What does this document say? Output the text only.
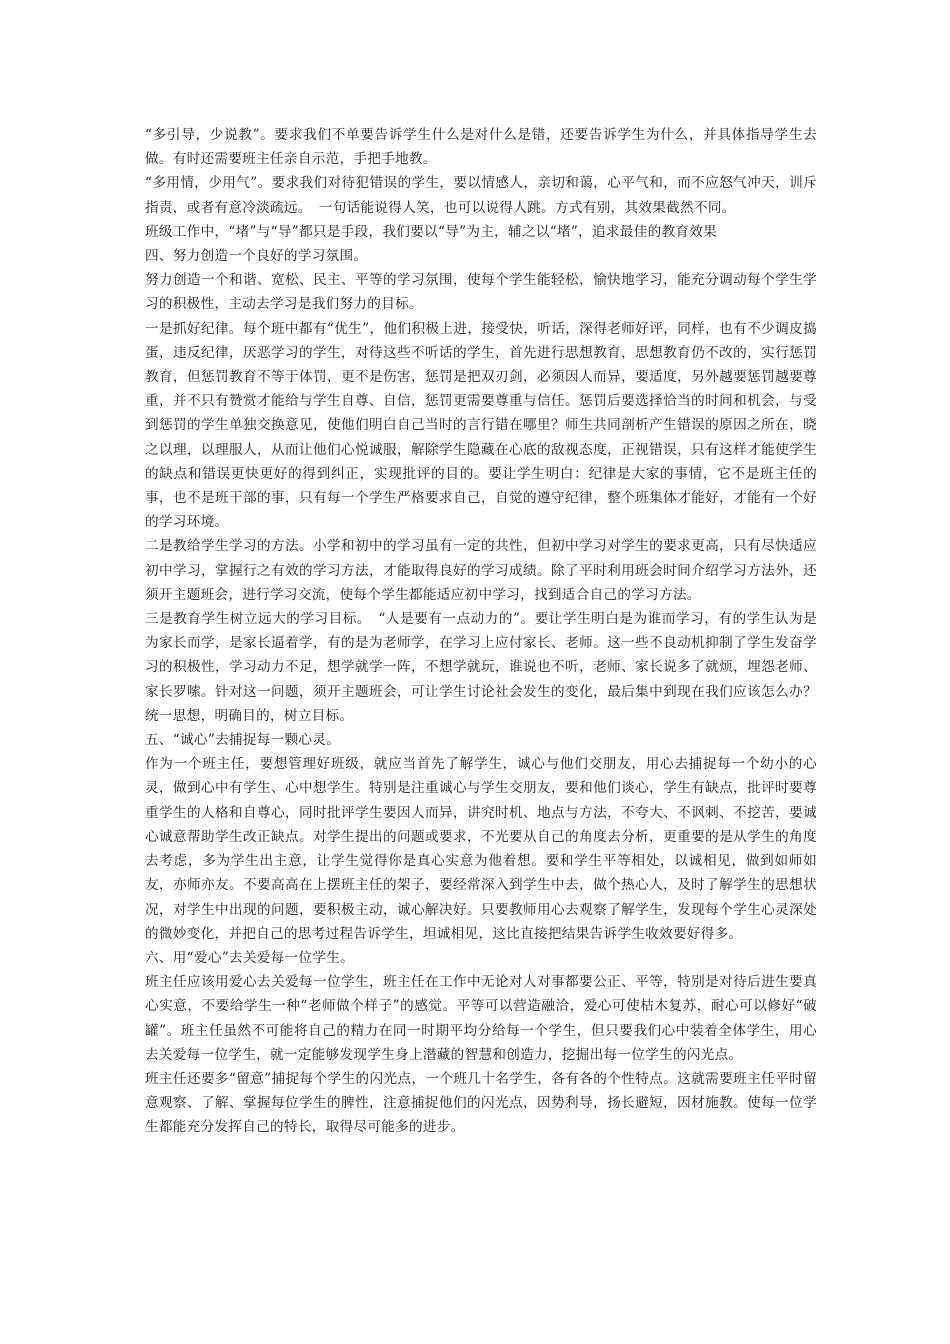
“多引导，少说教”。要求我们不单要告诉学生什么是对什么是错，还要告诉学生为什么，并具体指导学生去做。有时还需要班主任亲自示范，手把手地教。

“多用情，少用气”。要求我们对待犯错误的学生，要以情感人，亲切和蔼，心平气和，而不应怒气冲天，训斥指责，或者有意冷淡疏远。　一句话能说得人笑，也可以说得人跳。方式有别，其效果截然不同。

班级工作中，“堵”与“导”都只是手段，我们要以“导”为主，辅之以“堵”，追求最佳的教育效果

四、努力创造一个良好的学习氛围。

努力创造一个和谐、宽松、民主、平等的学习氛围，使每个学生能轻松，愉快地学习，能充分调动每个学生学习的积极性，主动去学习是我们努力的目标。

一是抓好纪律。每个班中都有“优生”，他们积极上进，接受快，听话，深得老师好评，同样，也有不少调皮捣蛋，违反纪律，厌恶学习的学生，对待这些不听话的学生，首先进行思想教育，思想教育仍不改的，实行惩罚教育，但惩罚教育不等于体罚，更不是伤害，惩罚是把双刃剑，必须因人而异，要适度，另外越要惩罚越要尊重，并不只有赞赏才能给与学生自尊、自信，惩罚更需要尊重与信任。惩罚后要选择恰当的时间和机会，与受到惩罚的学生单独交换意见，使他们明白自己当时的言行错在哪里？师生共同剖析产生错误的原因之所在，晓之以理，以理服人，从而让他们心悦诚服，解除学生隐藏在心底的敌视态度，正视错误，只有这样才能使学生的缺点和错误更快更好的得到纠正，实现批评的目的。要让学生明白：纪律是大家的事情，它不是班主任的事，也不是班干部的事，只有每一个学生严格要求自己，自觉的遵守纪律，整个班集体才能好，才能有一个好的学习环境。

二是教给学生学习的方法。小学和初中的学习虽有一定的共性，但初中学习对学生的要求更高，只有尽快适应初中学习，掌握行之有效的学习方法，才能取得良好的学习成绩。除了平时利用班会时间介绍学习方法外，还须开主题班会，进行学习交流，使每个学生都能适应初中学习，找到适合自己的学习方法。

三是教育学生树立远大的学习目标。　“人是要有一点动力的”。要让学生明白是为谁而学习，有的学生认为是为家长而学，是家长逼着学，有的是为老师学，在学习上应付家长、老师。这一些不良动机抑制了学生发奋学习的积极性，学习动力不足，想学就学一阵，不想学就玩，谁说也不听，老师、家长说多了就烦，埋怨老师、家长罗嗦。针对这一问题，须开主题班会，可让学生讨论社会发生的变化，最后集中到现在我们应该怎么办？统一思想，明确目的，树立目标。

五、“诚心”去捕捉每一颗心灵。

作为一个班主任，要想管理好班级，就应当首先了解学生，诚心与他们交朋友，用心去捕捉每一个幼小的心灵，做到心中有学生、心中想学生。特别是注重诚心与学生交朋友，要和他们谈心，学生有缺点，批评时要尊重学生的人格和自尊心，同时批评学生要因人而异，讲究时机、地点与方法，不夸大、不讽刺、不挖苦，要诚心诚意帮助学生改正缺点。对学生提出的问题或要求，不光要从自己的角度去分析，更重要的是从学生的角度去考虑，多为学生出主意，让学生觉得你是真心实意为他着想。要和学生平等相处，以诚相见，做到如师如友，亦师亦友。不要高高在上摆班主任的架子，要经常深入到学生中去，做个热心人，及时了解学生的思想状况，对学生中出现的问题，要积极主动，诚心解决好。只要教师用心去观察了解学生，发现每个学生心灵深处的微妙变化，并把自己的思考过程告诉学生，坦诚相见，这比直接把结果告诉学生收效要好得多。

六、用“爱心”去关爱每一位学生。

班主任应该用爱心去关爱每一位学生，班主任在工作中无论对人对事都要公正、平等，特别是对待后进生要真心实意，不要给学生一种“老师做个样子”的感觉。平等可以营造融洽，爱心可使枯木复苏，耐心可以修好“破罐”。班主任虽然不可能将自己的精力在同一时期平均分给每一个学生，但只要我们心中装着全体学生，用心去关爱每一位学生，就一定能够发现学生身上潜藏的智慧和创造力，挖掘出每一位学生的闪光点。

班主任还要多“留意”捕捉每个学生的闪光点，一个班几十名学生，各有各的个性特点。这就需要班主任平时留意观察、了解、掌握每位学生的脾性，注意捕捉他们的闪光点，因势利导，扬长避短，因材施教。使每一位学生都能充分发挥自己的特长，取得尽可能多的进步。
